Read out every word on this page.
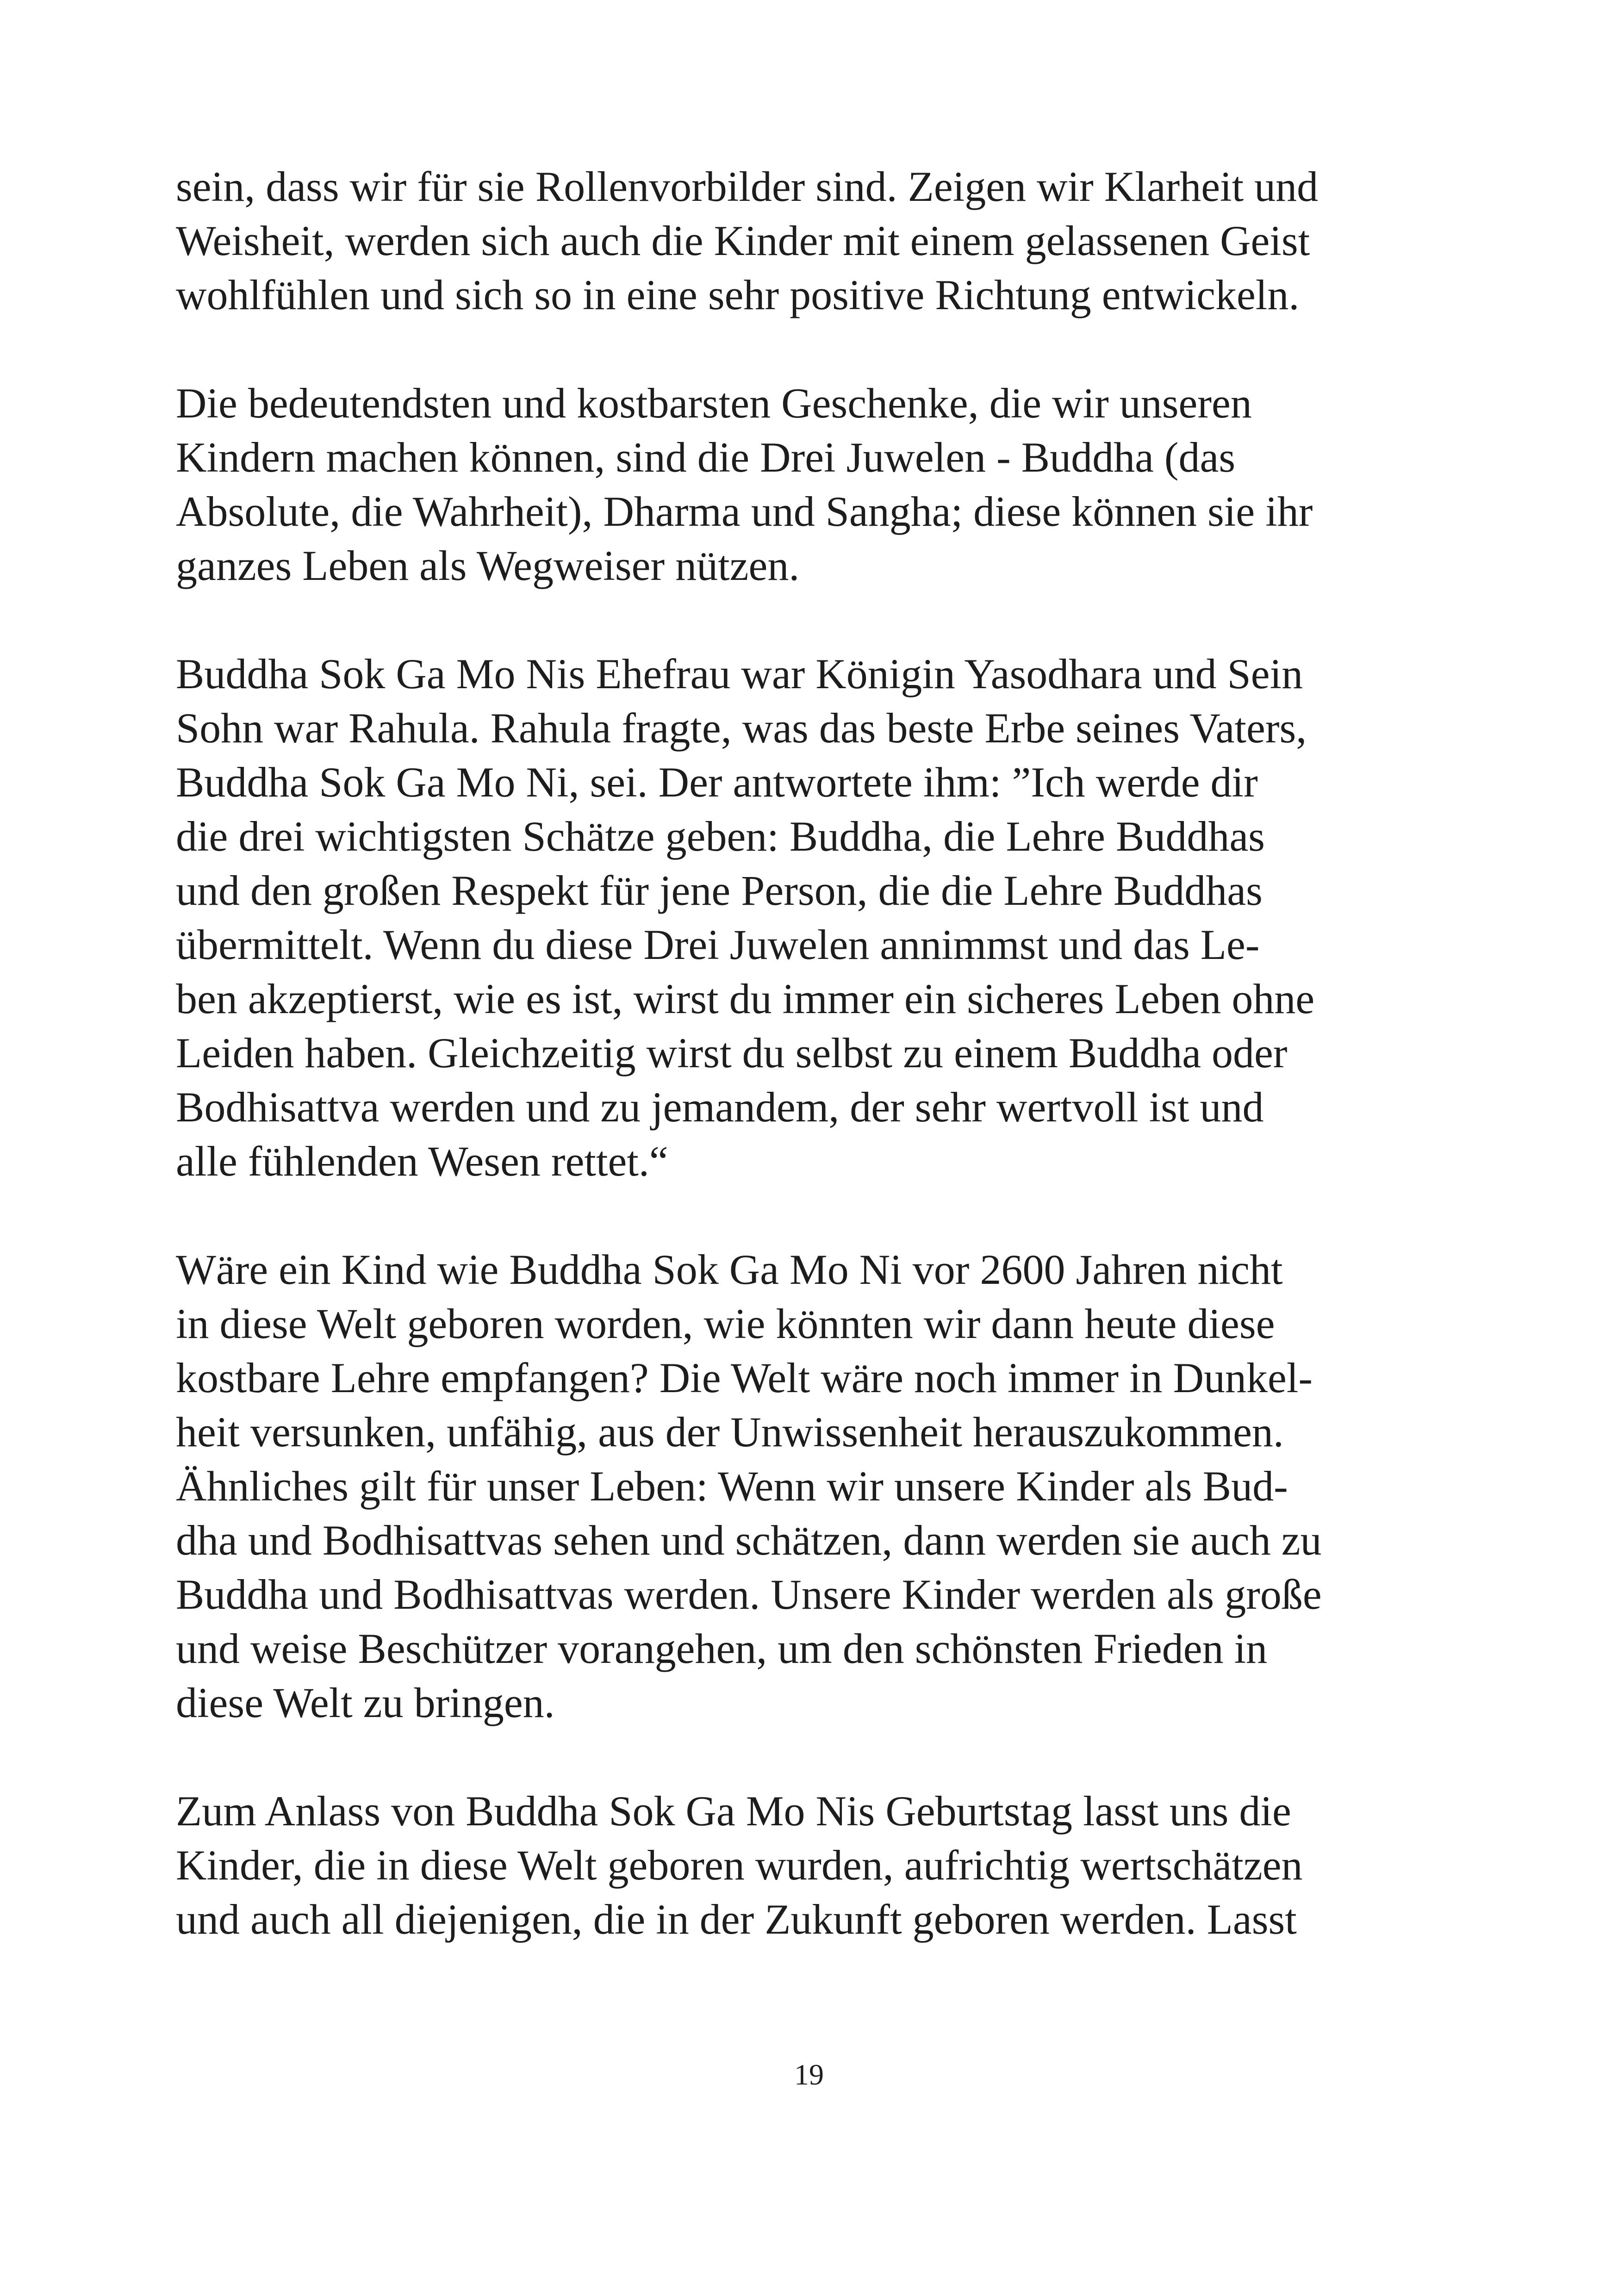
sein, dass wir für sie Rollenvorbilder sind. Zeigen wir Klarheit und
Weisheit, werden sich auch die Kinder mit einem gelassenen Geist
wohlfühlen und sich so in eine sehr positive Richtung entwickeln.

Die bedeutendsten und kostbarsten Geschenke, die wir unseren
Kindern machen können, sind die Drei Juwelen - Buddha (das
Absolute, die Wahrheit), Dharma und Sangha; diese können sie ihr
ganzes Leben als Wegweiser nützen.

Buddha Sok Ga Mo Nis Ehefrau war Königin Yasodhara und Sein
Sohn war Rahula. Rahula fragte, was das beste Erbe seines Vaters,
Buddha Sok Ga Mo Ni, sei. Der antwortete ihm: ”Ich werde dir
die drei wichtigsten Schätze geben: Buddha, die Lehre Buddhas
und den großen Respekt für jene Person, die die Lehre Buddhas
übermittelt. Wenn du diese Drei Juwelen annimmst und das Le-
ben akzeptierst, wie es ist, wirst du immer ein sicheres Leben ohne
Leiden haben. Gleichzeitig wirst du selbst zu einem Buddha oder
Bodhisattva werden und zu jemandem, der sehr wertvoll ist und
alle fühlenden Wesen rettet.“

Wäre ein Kind wie Buddha Sok Ga Mo Ni vor 2600 Jahren nicht
in diese Welt geboren worden, wie könnten wir dann heute diese
kostbare Lehre empfangen? Die Welt wäre noch immer in Dunkel-
heit versunken, unfähig, aus der Unwissenheit herauszukommen.
Ähnliches gilt für unser Leben: Wenn wir unsere Kinder als Bud-
dha und Bodhisattvas sehen und schätzen, dann werden sie auch zu
Buddha und Bodhisattvas werden. Unsere Kinder werden als große
und weise Beschützer vorangehen, um den schönsten Frieden in
diese Welt zu bringen.

Zum Anlass von Buddha Sok Ga Mo Nis Geburtstag lasst uns die
Kinder, die in diese Welt geboren wurden, aufrichtig wertschätzen
und auch all diejenigen, die in der Zukunft geboren werden. Lasst

19
